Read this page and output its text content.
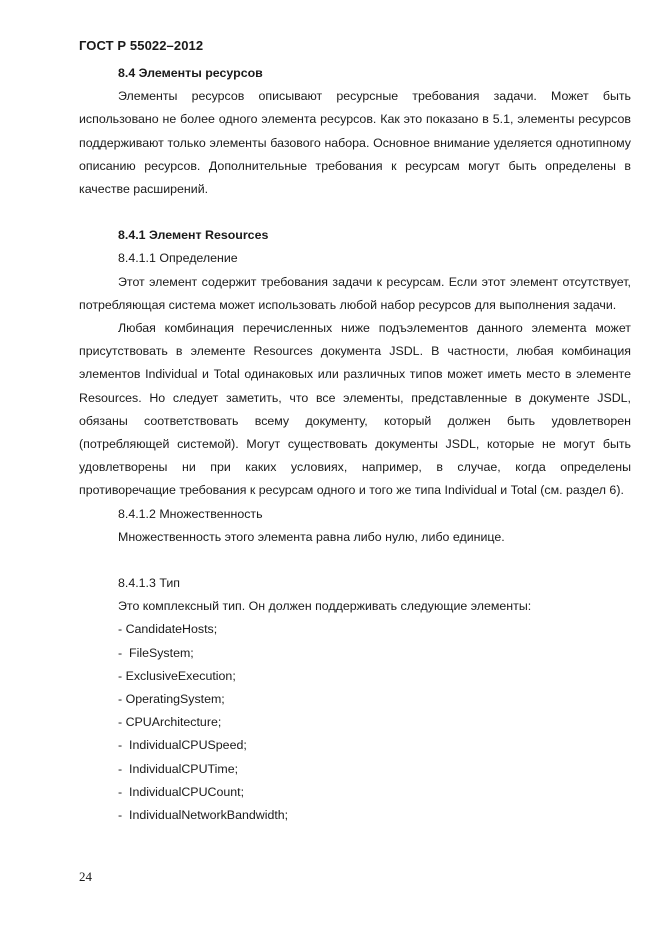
ГОСТ Р 55022–2012
8.4 Элементы ресурсов

Элементы ресурсов описывают ресурсные требования задачи. Может быть использовано не более одного элемента ресурсов. Как это показано в 5.1, элементы ресурсов поддерживают только элементы базового набора. Основное внимание уделяется однотипному описанию ресурсов. Дополнительные требования к ресурсам могут быть определены в качестве расширений.

8.4.1 Элемент Resources
8.4.1.1 Определение

Этот элемент содержит требования задачи к ресурсам. Если этот элемент отсутствует, потребляющая система может использовать любой набор ресурсов для выполнения задачи.

Любая комбинация перечисленных ниже подъэлементов данного элемента может присутствовать в элементе Resources документа JSDL. В частности, любая комбинация элементов Individual и Total одинаковых или различных типов может иметь место в элементе Resources. Но следует заметить, что все элементы, представленные в документе JSDL, обязаны соответствовать всему документу, который должен быть удовлетворен (потребляющей системой). Могут существовать документы JSDL, которые не могут быть удовлетворены ни при каких условиях, например, в случае, когда определены противоречащие требования к ресурсам одного и того же типа Individual и Total (см. раздел 6).

8.4.1.2 Множественность
Множественность этого элемента равна либо нулю, либо единице.
8.4.1.3 Тип
Это комплексный тип. Он должен поддерживать следующие элементы:
- CandidateHosts;
-  FileSystem;
- ExclusiveExecution;
- OperatingSystem;
- CPUArchitecture;
-  IndividualCPUSpeed;
-  IndividualCPUTime;
-  IndividualCPUCount;
-  IndividualNetworkBandwidth;
24
